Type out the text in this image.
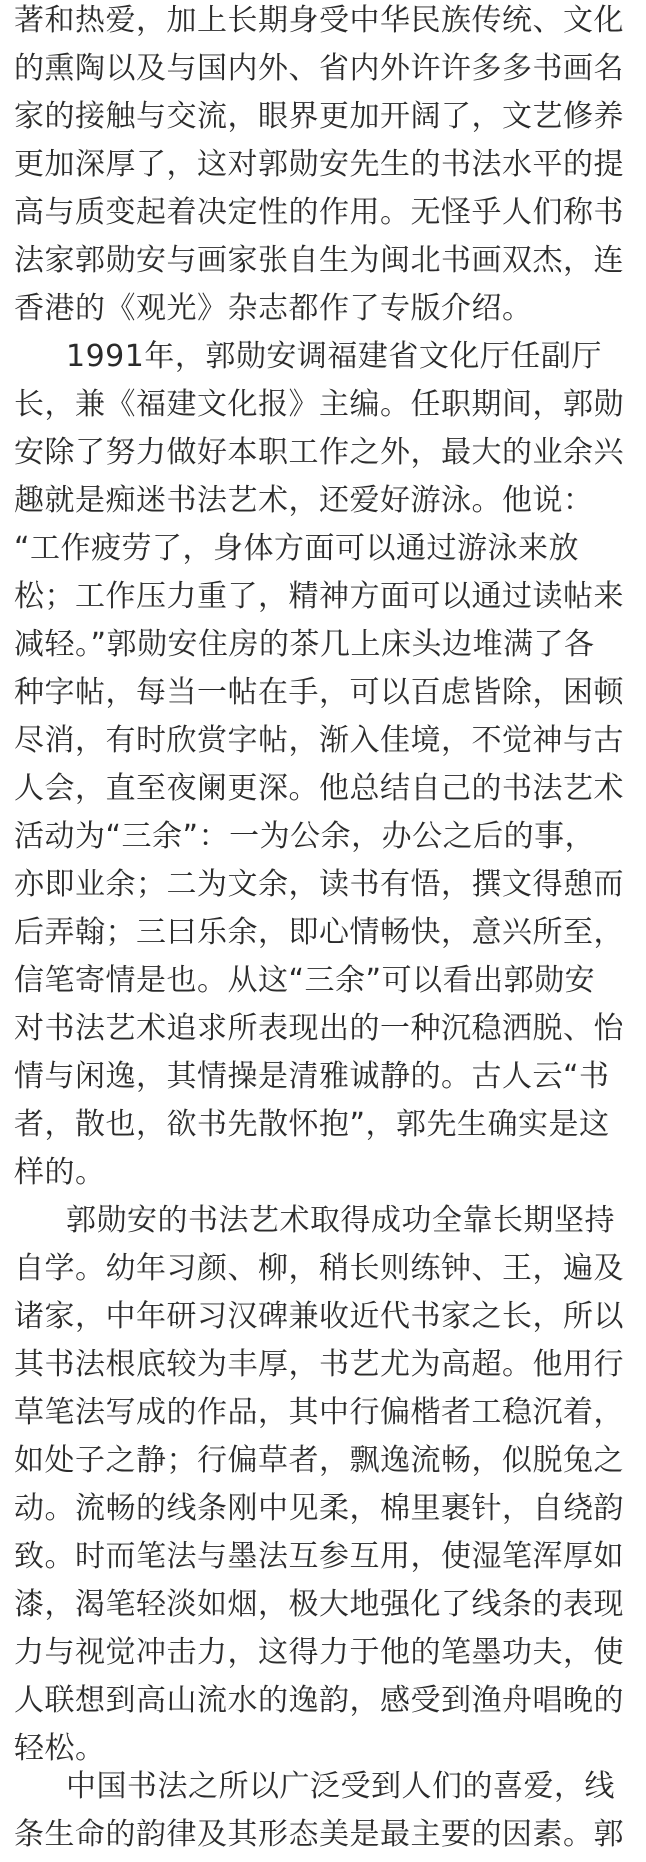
著和热爱，加上长期身受中华民族传统、文化
的熏陶以及与国内外、省内外许许多多书画名
家的接触与交流，眼界更加开阔了，文艺修养
更加深厚了，这对郭勋安先生的书法水平的提
高与质变起着决定性的作用。无怪乎人们称书
法家郭勋安与画家张自生为闽北书画双杰，连
香港的《观光》杂志都作了专版介绍。
1991年，郭勋安调福建省文化厅任副厅
长，兼《福建文化报》主编。任职期间，郭勋
安除了努力做好本职工作之外，最大的业余兴
趣就是痴迷书法艺术，还爱好游泳。他说：
“工作疲劳了，身体方面可以通过游泳来放
松；工作压力重了，精神方面可以通过读帖来
减轻。”郭勋安住房的茶几上床头边堆满了各
种字帖，每当一帖在手，可以百虑皆除，困顿
尽消，有时欣赏字帖，渐入佳境，不觉神与古
人会，直至夜阑更深。他总结自己的书法艺术
活动为“三余”：一为公余，办公之后的事，
亦即业余；二为文余，读书有悟，撰文得憩而
后弄翰；三曰乐余，即心情畅快，意兴所至，
信笔寄情是也。从这“三余”可以看出郭勋安
对书法艺术追求所表现出的一种沉稳洒脱、怡
情与闲逸，其情操是清雅诚静的。古人云“书
者，散也，欲书先散怀抱”，郭先生确实是这
样的。
郭勋安的书法艺术取得成功全靠长期坚持
自学。幼年习颜、柳，稍长则练钟、王，遍及
诸家，中年研习汉碑兼收近代书家之长，所以
其书法根底较为丰厚，书艺尤为高超。他用行
草笔法写成的作品，其中行偏楷者工稳沉着，
如处子之静；行偏草者，飘逸流畅，似脱兔之
动。流畅的线条刚中见柔，棉里裹针，自绕韵
致。时而笔法与墨法互参互用，使湿笔浑厚如
漆，渴笔轻淡如烟，极大地强化了线条的表现
力与视觉冲击力，这得力于他的笔墨功夫，使
人联想到高山流水的逸韵，感受到渔舟唱晚的
轻松。
中国书法之所以广泛受到人们的喜爱，线
条生命的韵律及其形态美是最主要的因素。郭
